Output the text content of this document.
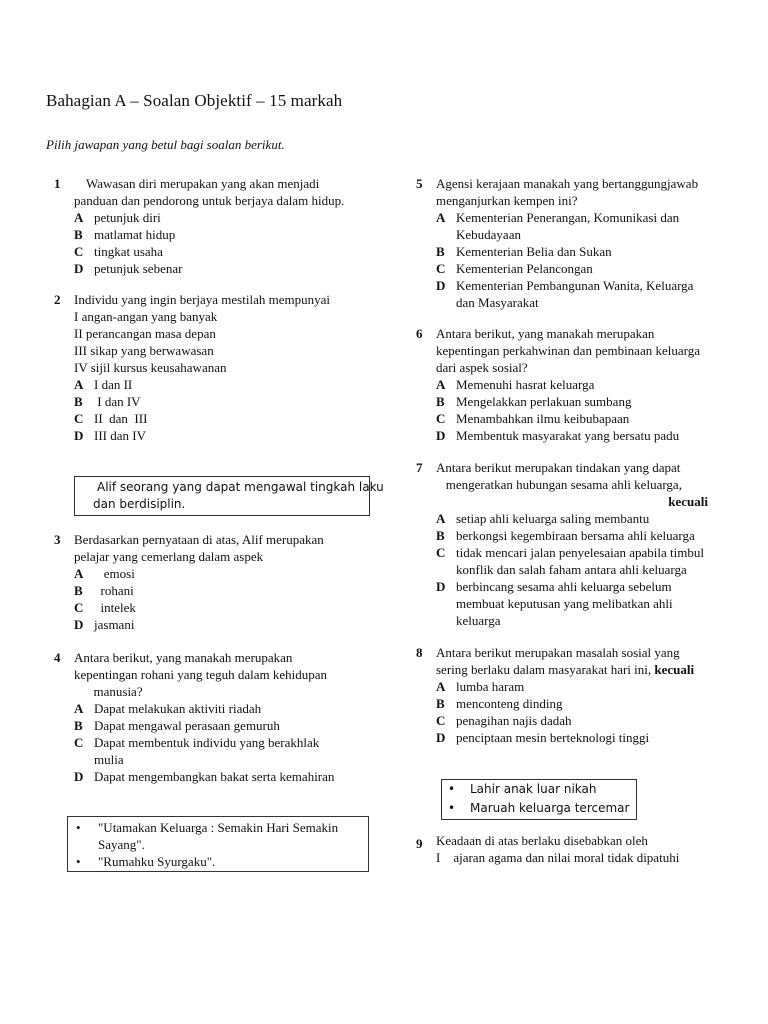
Bahagian A – Soalan Objektif – 15 markah
Pilih jawapan yang betul bagi soalan berikut.
1	Wawasan diri merupakan yang akan menjadi
panduan dan pendorong untuk berjaya dalam hidup.
A petunjuk diri
B matlamat hidup
C tingkat usaha
D petunjuk sebenar
2 Individu yang ingin berjaya mestilah mempunyai
I angan-angan yang banyak
II perancangan masa depan
III sikap yang berwawasan
IV sijil kursus keusahawanan
A I dan II
B I dan IV
C II  dan  III
D III dan IV
Alif seorang yang dapat mengawal tingkah laku
dan berdisiplin.
3 Berdasarkan pernyataan di atas, Alif merupakan
pelajar yang cemerlang dalam aspek
A emosi
B rohani
C intelek
D jasmani
4 Antara berikut, yang manakah merupakan
kepentingan rohani yang teguh dalam kehidupan
manusia?
A Dapat melakukan aktiviti riadah
B Dapat mengawal perasaan gemuruh
C Dapat membentuk individu yang berakhlak
mulia
D Dapat mengembangkan bakat serta kemahiran
• "Utamakan Keluarga : Semakin Hari Semakin
Sayang".
• "Rumahku Syurgaku".
5 Agensi kerajaan manakah yang bertanggungjawab
menganjurkan kempen ini?
A Kementerian Penerangan, Komunikasi dan
Kebudayaan
B Kementerian Belia dan Sukan
C Kementerian Pelancongan
D Kementerian Pembangunan Wanita, Keluarga
dan Masyarakat
6 Antara berikut, yang manakah merupakan
kepentingan perkahwinan dan pembinaan keluarga
dari aspek sosial?
A Memenuhi hasrat keluarga
B Mengelakkan perlakuan sumbang
C Menambahkan ilmu keibubapaan
D Membentuk masyarakat yang bersatu padu
7 Antara berikut merupakan tindakan yang dapat
mengeratkan hubungan sesama ahli keluarga,
kecuali
A setiap ahli keluarga saling membantu
B berkongsi kegembiraan bersama ahli keluarga
C tidak mencari jalan penyelesaian apabila timbul
konflik dan salah faham antara ahli keluarga
D berbincang sesama ahli keluarga sebelum
membuat keputusan yang melibatkan ahli
keluarga
8 Antara berikut merupakan masalah sosial yang
sering berlaku dalam masyarakat hari ini, kecuali
A lumba haram
B menconteng dinding
C penagihan najis dadah
D penciptaan mesin berteknologi tinggi
• Lahir anak luar nikah
• Maruah keluarga tercemar
9 Keadaan di atas berlaku disebabkan oleh
I    ajaran agama dan nilai moral tidak dipatuhi
